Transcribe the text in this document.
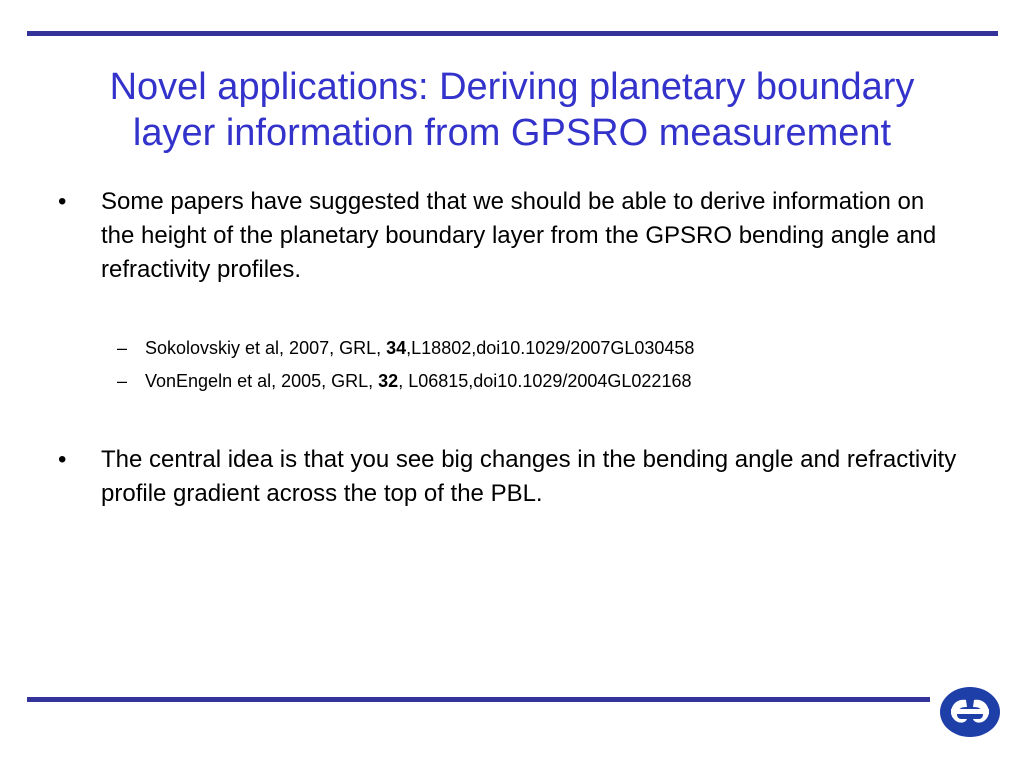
Novel applications: Deriving planetary boundary
layer information from GPSRO measurement
• Some papers have suggested that we should be able to derive information on the height of the planetary boundary layer from the GPSRO bending angle and refractivity profiles.
– Sokolovskiy et al, 2007, GRL, 34,L18802,doi10.1029/2007GL030458
– VonEngeln et al, 2005, GRL, 32, L06815,doi10.1029/2004GL022168
• The central idea is that you see big changes in the bending angle and refractivity profile gradient across the top of the PBL.
